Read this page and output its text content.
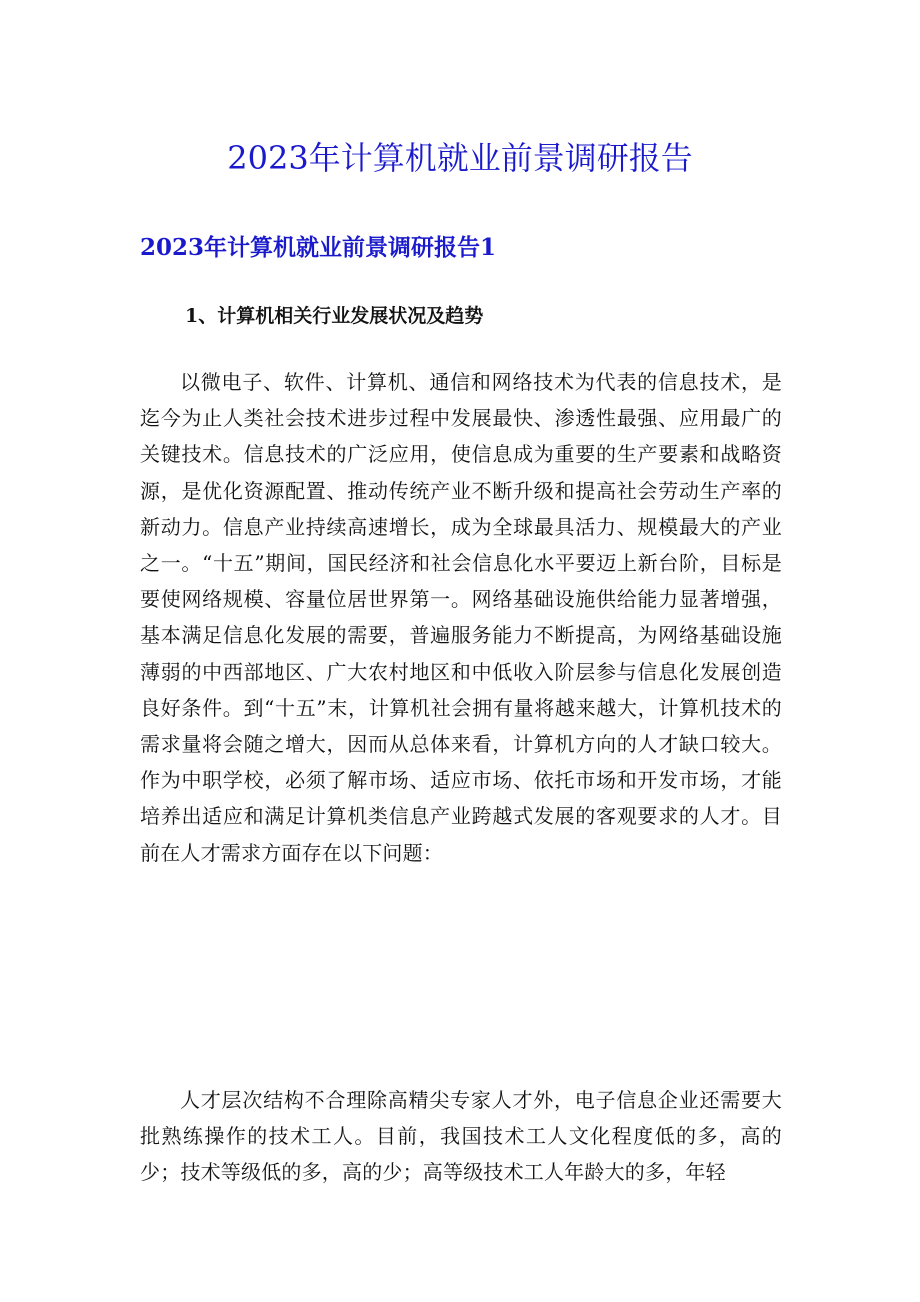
2023年计算机就业前景调研报告
2023年计算机就业前景调研报告1
1、计算机相关行业发展状况及趋势

以微电子、软件、计算机、通信和网络技术为代表的信息技术，是迄今为止人类社会技术进步过程中发展最快、渗透性最强、应用最广的关键技术。信息技术的广泛应用，使信息成为重要的生产要素和战略资源，是优化资源配置、推动传统产业不断升级和提高社会劳动生产率的新动力。信息产业持续高速增长，成为全球最具活力、规模最大的产业之一。“十五”期间，国民经济和社会信息化水平要迈上新台阶，目标是要使网络规模、容量位居世界第一。网络基础设施供给能力显著增强，基本满足信息化发展的需要，普遍服务能力不断提高，为网络基础设施薄弱的中西部地区、广大农村地区和中低收入阶层参与信息化发展创造良好条件。到“十五”末，计算机社会拥有量将越来越大，计算机技术的需求量将会随之增大，因而从总体来看，计算机方向的人才缺口较大。作为中职学校，必须了解市场、适应市场、依托市场和开发市场，才能培养出适应和满足计算机类信息产业跨越式发展的客观要求的人才。目前在人才需求方面存在以下问题：

人才层次结构不合理除高精尖专家人才外，电子信息企业还需要大批熟练操作的技术工人。目前，我国技术工人文化程度低的多，高的少；技术等级低的多，高的少；高等级技术工人年龄大的多，年轻
